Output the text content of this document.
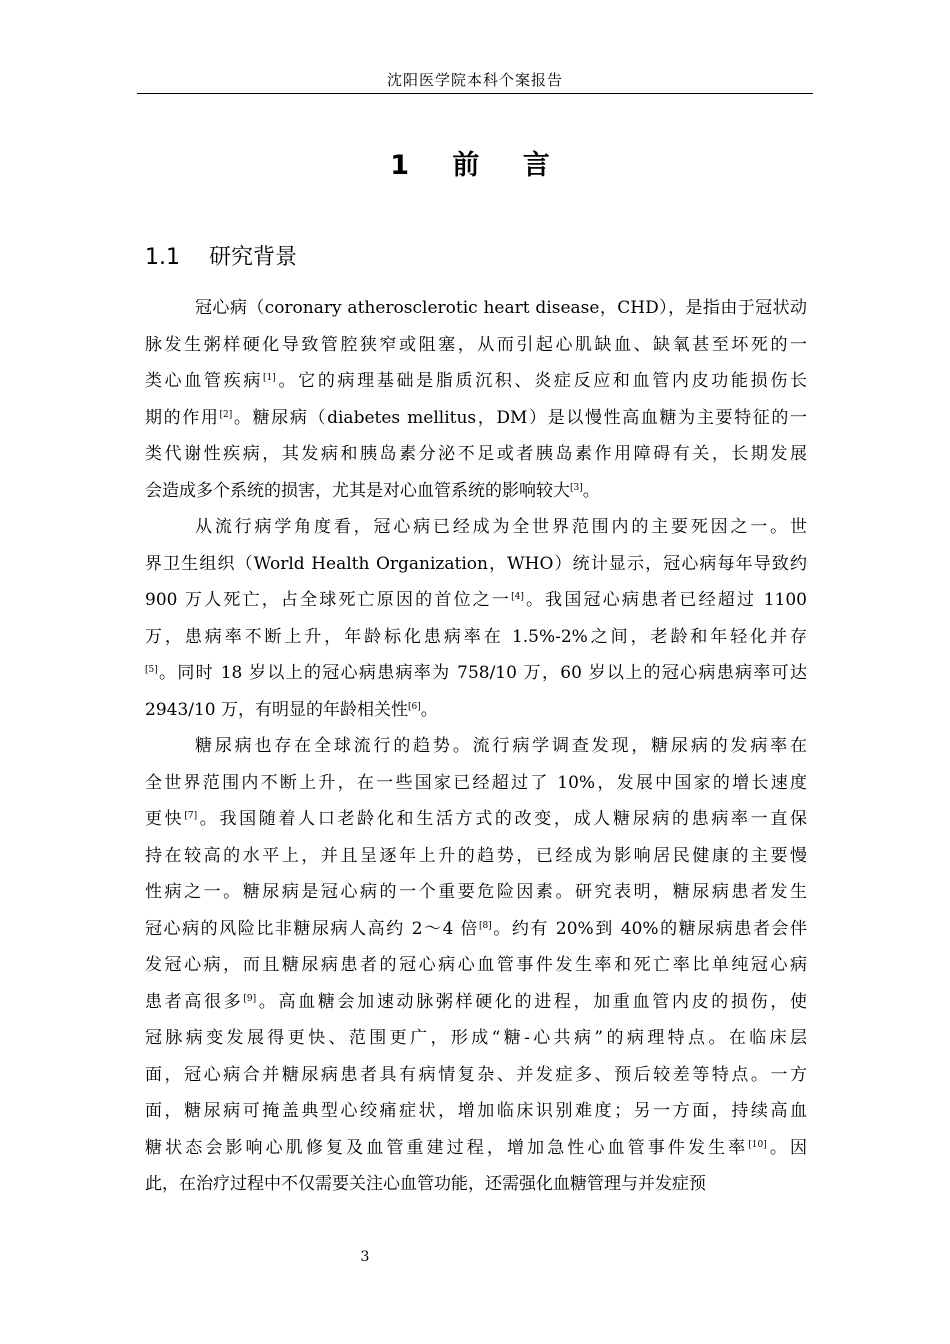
沈阳医学院本科个案报告
1 前 言
1.1 研究背景
冠心病（coronary atherosclerotic heart disease，CHD），是指由于冠状动
脉发生粥样硬化导致管腔狭窄或阻塞，从而引起心肌缺血、缺氧甚至坏死的一
类心血管疾病[1]。它的病理基础是脂质沉积、炎症反应和血管内皮功能损伤长
期的作用[2]。糖尿病（diabetes mellitus，DM）是以慢性高血糖为主要特征的一
类代谢性疾病，其发病和胰岛素分泌不足或者胰岛素作用障碍有关，长期发展
会造成多个系统的损害，尤其是对心血管系统的影响较大[3]。
从流行病学角度看，冠心病已经成为全世界范围内的主要死因之一。世
界卫生组织（World Health Organization，WHO）统计显示，冠心病每年导致约
900 万人死亡，占全球死亡原因的首位之一[4]。我国冠心病患者已经超过 1100
万，患病率不断上升，年龄标化患病率在 1.5%-2%之间，老龄和年轻化并存
[5]。同时 18 岁以上的冠心病患病率为 758/10 万，60 岁以上的冠心病患病率可达
2943/10 万，有明显的年龄相关性[6]。
糖尿病也存在全球流行的趋势。流行病学调查发现，糖尿病的发病率在
全世界范围内不断上升，在一些国家已经超过了 10%，发展中国家的增长速度
更快[7]。我国随着人口老龄化和生活方式的改变，成人糖尿病的患病率一直保
持在较高的水平上，并且呈逐年上升的趋势，已经成为影响居民健康的主要慢
性病之一。糖尿病是冠心病的一个重要危险因素。研究表明，糖尿病患者发生
冠心病的风险比非糖尿病人高约 2～4 倍[8]。约有 20%到 40%的糖尿病患者会伴
发冠心病，而且糖尿病患者的冠心病心血管事件发生率和死亡率比单纯冠心病
患者高很多[9]。高血糖会加速动脉粥样硬化的进程，加重血管内皮的损伤，使
冠脉病变发展得更快、范围更广，形成“糖-心共病”的病理特点。在临床层
面，冠心病合并糖尿病患者具有病情复杂、并发症多、预后较差等特点。一方
面，糖尿病可掩盖典型心绞痛症状，增加临床识别难度；另一方面，持续高血
糖状态会影响心肌修复及血管重建过程，增加急性心血管事件发生率[10]。因
此，在治疗过程中不仅需要关注心血管功能，还需强化血糖管理与并发症预
3
